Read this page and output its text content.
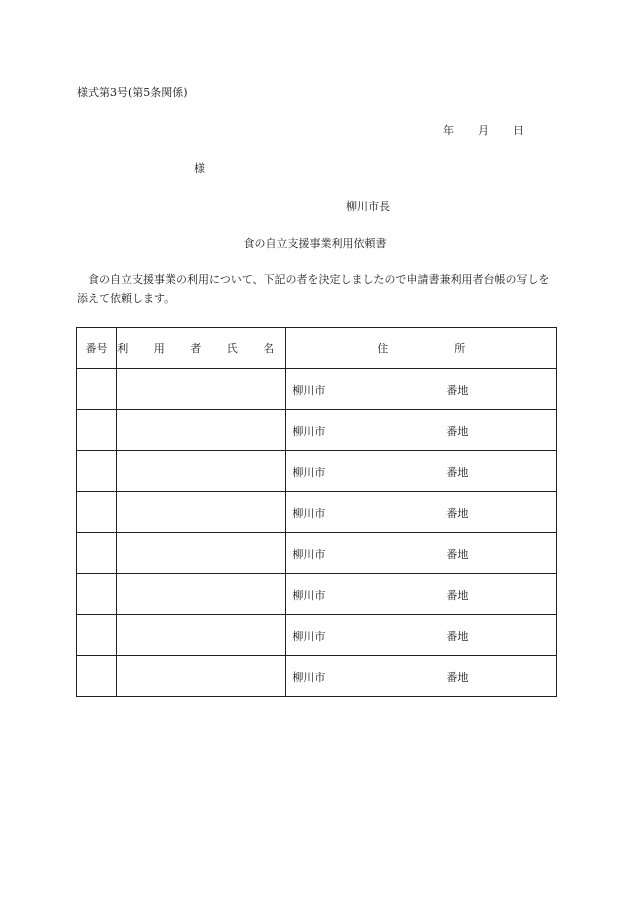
様式第3号(第5条関係)
年 月 日
様
柳川市長
食の自立支援事業利用依頼書
食の自立支援事業の利用について、下記の者を決定しましたので申請書兼利用者台帳の写しを添えて依頼します。
番号	利 用 者 氏 名	住 所

		柳川市 番地

		柳川市 番地

		柳川市 番地

		柳川市 番地

		柳川市 番地

		柳川市 番地

		柳川市 番地

		柳川市 番地
